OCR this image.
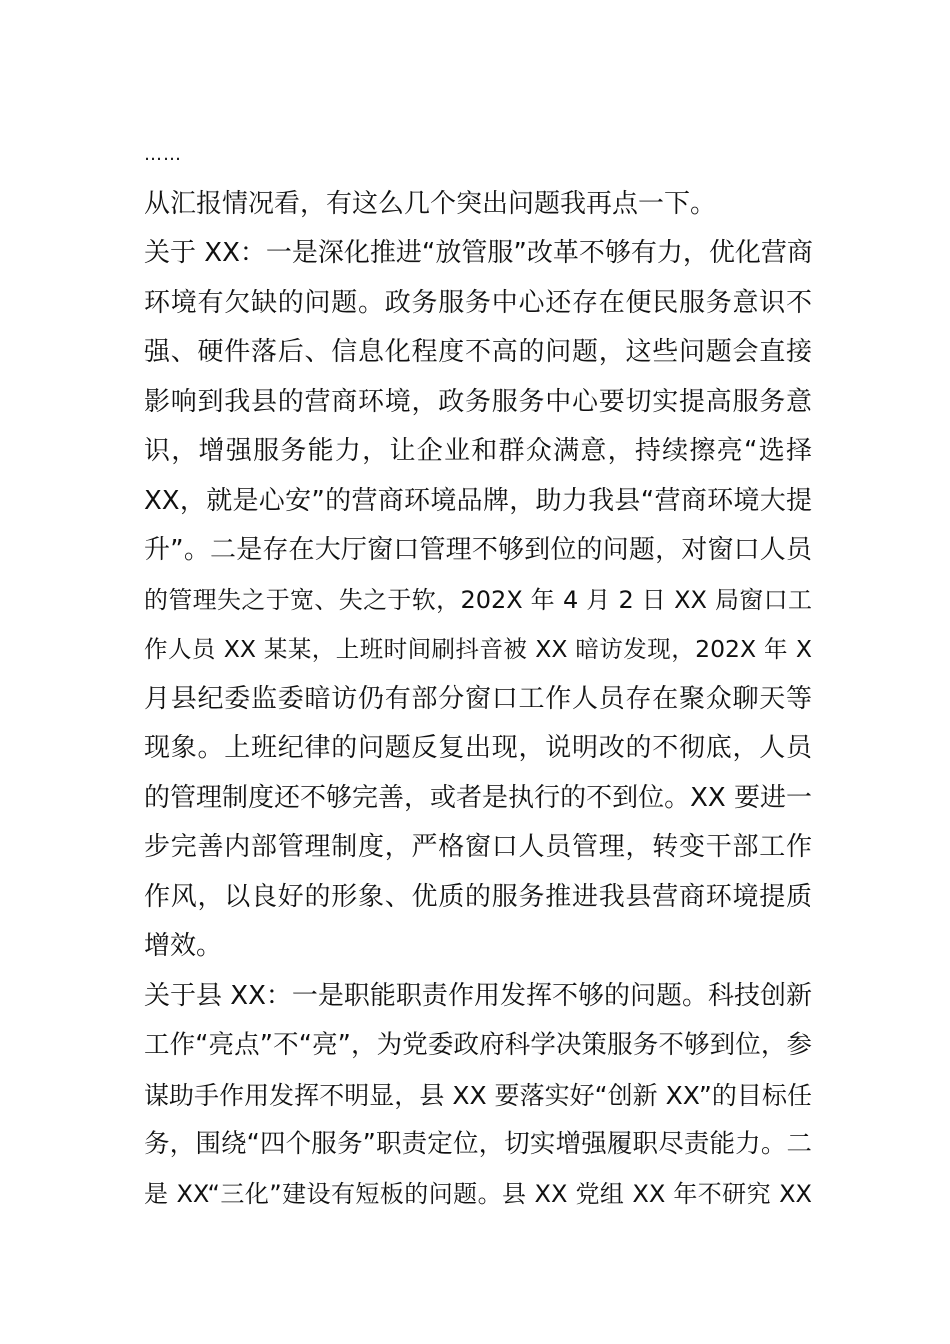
……
从汇报情况看，有这么几个突出问题我再点一下。
关于 XX：一是深化推进“放管服”改革不够有力，优化营商
环境有欠缺的问题。政务服务中心还存在便民服务意识不
强、硬件落后、信息化程度不高的问题，这些问题会直接
影响到我县的营商环境，政务服务中心要切实提高服务意
识，增强服务能力，让企业和群众满意，持续擦亮“选择
XX，就是心安”的营商环境品牌，助力我县“营商环境大提
升”。二是存在大厅窗口管理不够到位的问题，对窗口人员
的管理失之于宽、失之于软，202X 年 4 月 2 日 XX 局窗口工
作人员 XX 某某，上班时间刷抖音被 XX 暗访发现，202X 年 X
月县纪委监委暗访仍有部分窗口工作人员存在聚众聊天等
现象。上班纪律的问题反复出现，说明改的不彻底，人员
的管理制度还不够完善，或者是执行的不到位。XX 要进一
步完善内部管理制度，严格窗口人员管理，转变干部工作
作风，以良好的形象、优质的服务推进我县营商环境提质
增效。
关于县 XX：一是职能职责作用发挥不够的问题。科技创新
工作“亮点”不“亮”，为党委政府科学决策服务不够到位，参
谋助手作用发挥不明显，县 XX 要落实好“创新 XX”的目标任
务，围绕“四个服务”职责定位，切实增强履职尽责能力。二
是 XX“三化”建设有短板的问题。县 XX 党组 XX 年不研究 XX
